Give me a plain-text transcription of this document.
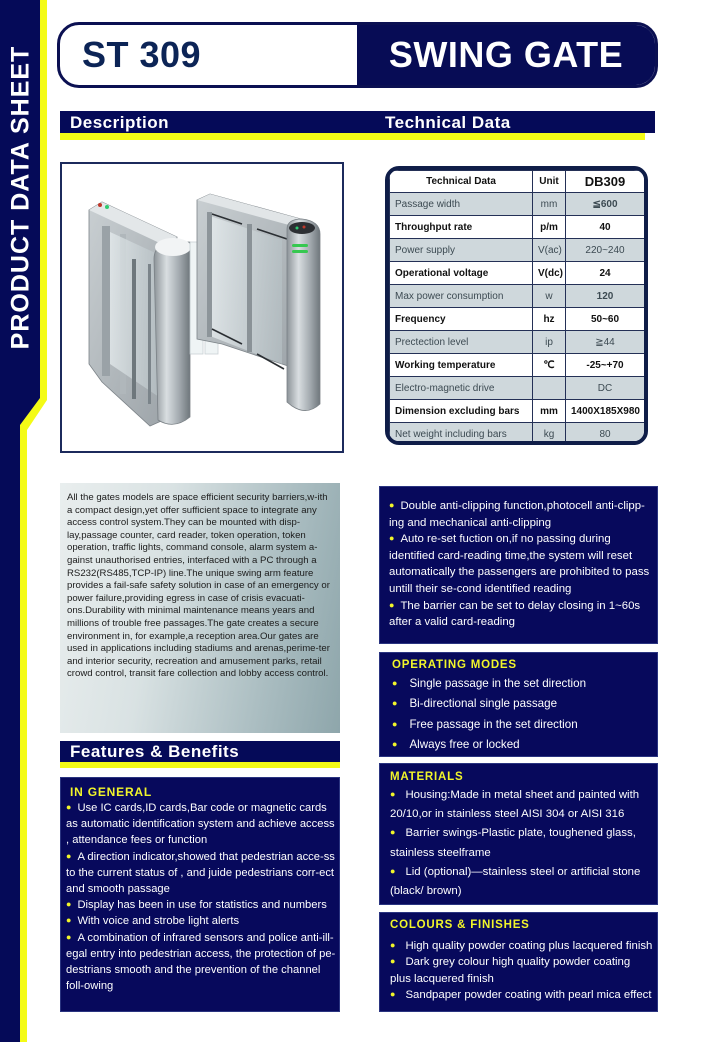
PRODUCT DATA SHEET ST 309	SWING GATE
Description	Technical Data
Technical Data	Unit	DB309
Passage width	mm	≦600
Throughput rate	p/m	40
Power supply	V(ac)	220~240
Operational voltage	V(dc)	24
Max power consumption	w	120
Frequency	hz	50~60
Prectection level	ip	≧44
Working temperature	℃	-25~+70
Electro-magnetic drive		DC
Dimension excluding bars	mm	1400X185X980
Net weight including bars	kg	80

All the gates models are space efficient security barriers,w-ith a compact design,yet offer sufficient space to integrate any access control system.They can be mounted with disp-lay,passage counter, card reader, token operation, token operation, traffic lights, command console, alarm system a-gainst unauthorised entries, interfaced with a PC through a RS232(RS485,TCP-IP) line.The unique swing arm feature provides a fail-safe safety solution in case of an emergency or power failure,providing egress in case of crisis evacuati-ons.Durability with minimal maintenance means years and millions of trouble free passages.The gate creates a secure environment in, for example,a reception area.Our gates are used in applications including stadiums and arenas,perime-ter and interior security, recreation and amusement parks, retail crowd control, transit fare collection and lobby access control.

Features & Benefits
IN GENERAL
● Use IC cards,ID cards,Bar code or magnetic cards as automatic identification system and achieve access , attendance fees or function
● A direction indicator,showed that pedestrian acce-ss to the current status of , and juide pedestrians corr-ect and smooth passage
● Display has been in use for statistics and numbers
● With voice and strobe light alerts
● A combination of infrared sensors and police anti-ill-egal entry into pedestrian access, the protection of pe-destrians smooth and the prevention of the channel foll-owing
● Double anti-clipping function,photocell anti-clipp-ing and mechanical anti-clipping
● Auto re-set fuction on,if no passing during identified card-reading time,the system will reset automatically the passengers are prohibited to pass untill their se-cond identified reading
● The barrier can be set to delay closing in 1~60s after a valid card-reading
OPERATING MODES
● Single passage in the set direction
● Bi-directional single passage
● Free passage in the set direction
● Always free or locked
MATERIALS
● Housing:Made in metal sheet and painted with 20/10,or in stainless steel AISI 304 or AISI 316
● Barrier swings-Plastic plate, toughened glass, stainless steelframe
● Lid (optional)—stainless steel or artificial stone (black/ brown)
COLOURS & FINISHES
● High quality powder coating plus lacquered finish
● Dark grey colour high quality powder coating plus lacquered finish
● Sandpaper powder coating with pearl mica effect
